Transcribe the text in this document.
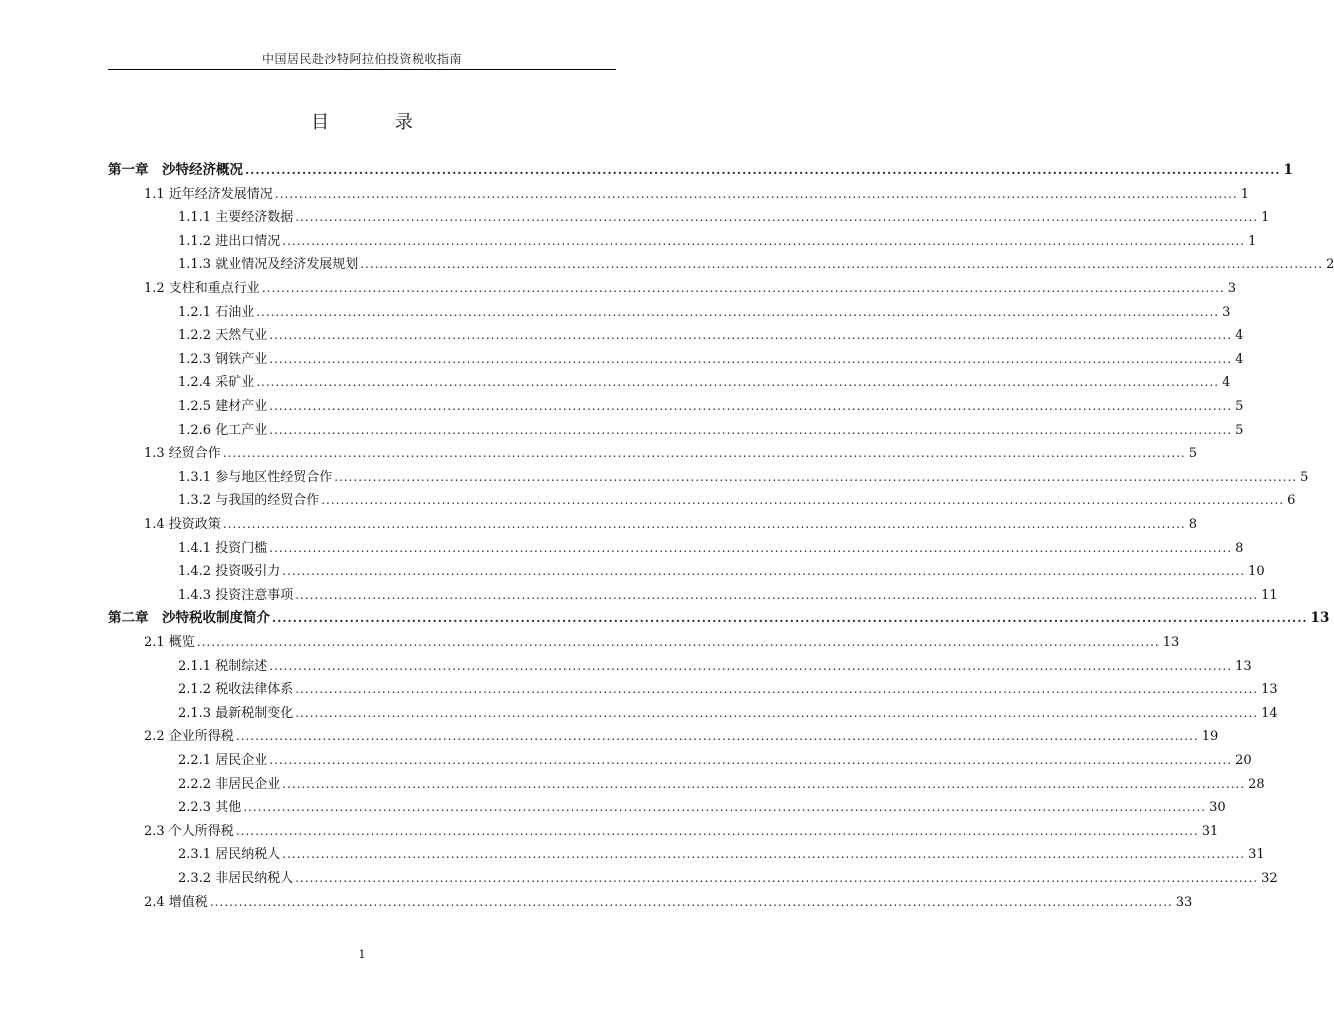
中国居民赴沙特阿拉伯投资税收指南
目 录
第一章　沙特经济概况 ........................................................................................................................................................................................................ 1
1.1 近年经济发展情况 ........................................................................................................................................................................................................ 1
1.1.1 主要经济数据 ........................................................................................................................................................................................................ 1
1.1.2 进出口情况 ........................................................................................................................................................................................................ 1
1.1.3 就业情况及经济发展规划 ........................................................................................................................................................................................................ 2
1.2 支柱和重点行业 ........................................................................................................................................................................................................ 3
1.2.1 石油业 ........................................................................................................................................................................................................ 3
1.2.2 天然气业 ........................................................................................................................................................................................................ 4
1.2.3 钢铁产业 ........................................................................................................................................................................................................ 4
1.2.4 采矿业 ........................................................................................................................................................................................................ 4
1.2.5 建材产业 ........................................................................................................................................................................................................ 5
1.2.6 化工产业 ........................................................................................................................................................................................................ 5
1.3 经贸合作 ........................................................................................................................................................................................................ 5
1.3.1 参与地区性经贸合作 ........................................................................................................................................................................................................ 5
1.3.2 与我国的经贸合作 ........................................................................................................................................................................................................ 6
1.4 投资政策 ........................................................................................................................................................................................................ 8
1.4.1 投资门槛 ........................................................................................................................................................................................................ 8
1.4.2 投资吸引力 ........................................................................................................................................................................................................ 10
1.4.3 投资注意事项 ........................................................................................................................................................................................................ 11
第二章　沙特税收制度简介 ........................................................................................................................................................................................................ 13
2.1 概览 ........................................................................................................................................................................................................ 13
2.1.1 税制综述 ........................................................................................................................................................................................................ 13
2.1.2 税收法律体系 ........................................................................................................................................................................................................ 13
2.1.3 最新税制变化 ........................................................................................................................................................................................................ 14
2.2 企业所得税 ........................................................................................................................................................................................................ 19
2.2.1 居民企业 ........................................................................................................................................................................................................ 20
2.2.2 非居民企业 ........................................................................................................................................................................................................ 28
2.2.3 其他 ........................................................................................................................................................................................................ 30
2.3 个人所得税 ........................................................................................................................................................................................................ 31
2.3.1 居民纳税人 ........................................................................................................................................................................................................ 31
2.3.2 非居民纳税人 ........................................................................................................................................................................................................ 32
2.4 增值税 ........................................................................................................................................................................................................ 33
1
